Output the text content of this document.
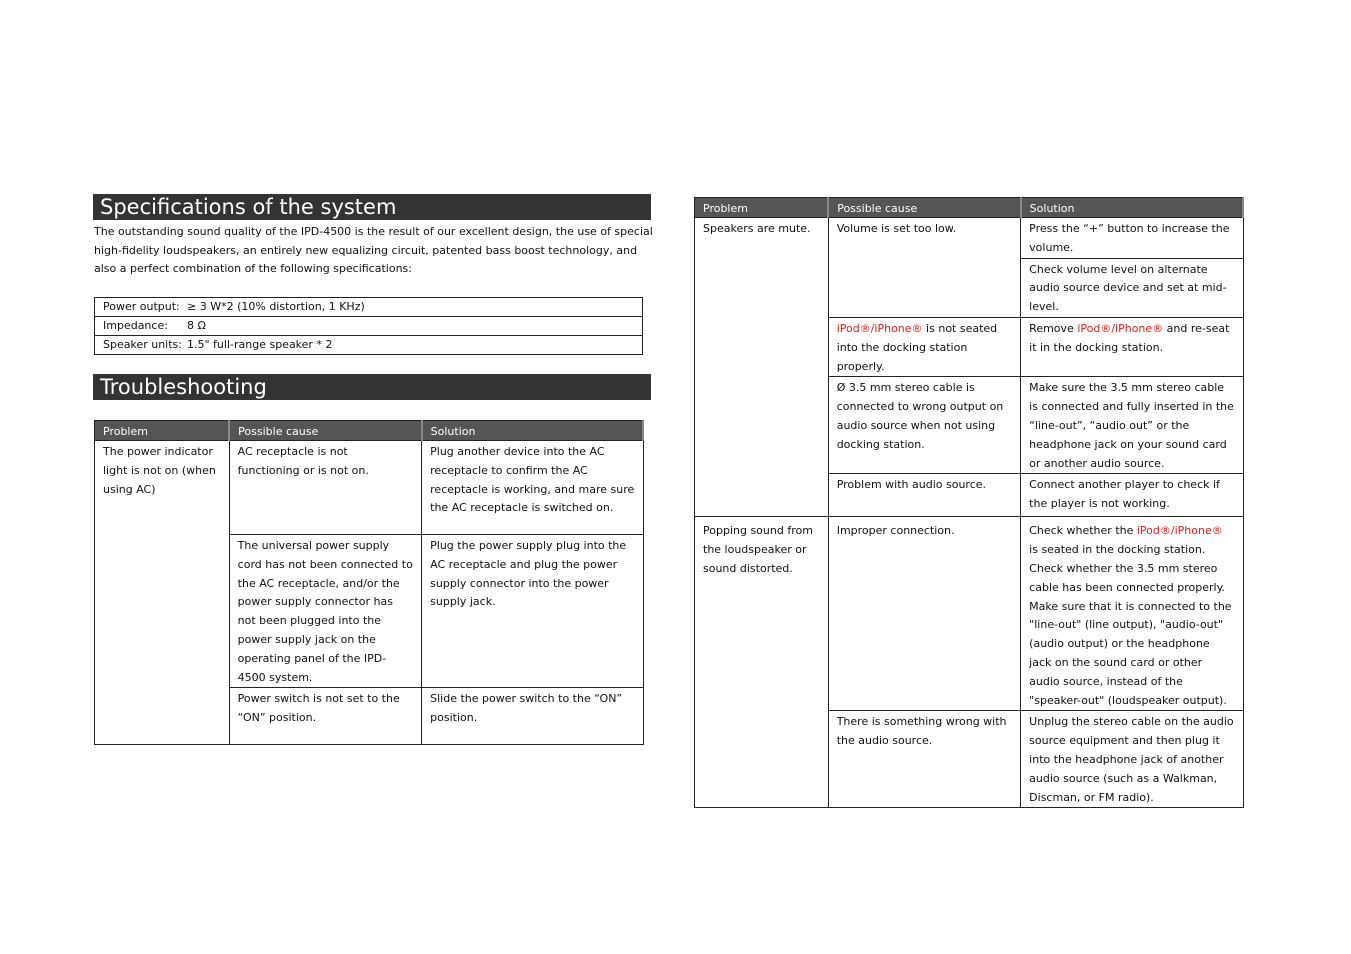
Specifications of the system
The outstanding sound quality of the IPD-4500 is the result of our excellent design, the use of special high-fidelity loudspeakers, an entirely new equalizing circuit, patented bass boost technology, and also a perfect combination of the following specifications:
Power output: ≥ 3 W*2 (10% distortion, 1 KHz)
Impedance: 8 Ω
Speaker units: 1.5" full-range speaker * 2
Troubleshooting
Problem	Possible cause	Solution
The power indicator light is not on (when using AC)	AC receptacle is not functioning or is not on.	Plug another device into the AC receptacle to confirm the AC receptacle is working, and mare sure the AC receptacle is switched on.
	The universal power supply cord has not been connected to the AC receptacle, and/or the power supply connector has not been plugged into the power supply jack on the operating panel of the IPD-4500 system.	Plug the power supply plug into the AC receptacle and plug the power supply connector into the power supply jack.
	Power switch is not set to the “ON” position.	Slide the power switch to the “ON” position.
Problem	Possible cause	Solution
Speakers are mute.	Volume is set too low.	Press the “+” button to increase the volume.
		Check volume level on alternate audio source device and set at mid-level.
	iPod®/iPhone® is not seated into the docking station properly.	Remove iPod®/iPhone® and re-seat it in the docking station.
	Ø 3.5 mm stereo cable is connected to wrong output on audio source when not using docking station.	Make sure the 3.5 mm stereo cable is connected and fully inserted in the “line-out”, “audio out” or the headphone jack on your sound card or another audio source.
	Problem with audio source.	Connect another player to check if the player is not working.
Popping sound from the loudspeaker or sound distorted.	Improper connection.	Check whether the iPod®/iPhone® is seated in the docking station. Check whether the 3.5 mm stereo cable has been connected properly. Make sure that it is connected to the "line-out" (line output), "audio-out" (audio output) or the headphone jack on the sound card or other audio source, instead of the "speaker-out" (loudspeaker output).
	There is something wrong with the audio source.	Unplug the stereo cable on the audio source equipment and then plug it into the headphone jack of another audio source (such as a Walkman, Discman, or FM radio).
